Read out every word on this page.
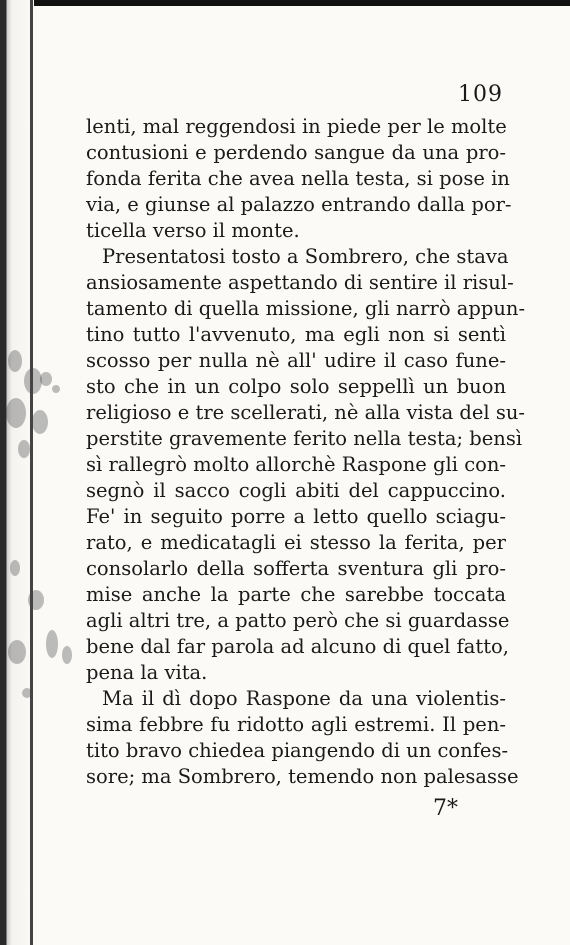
109
lenti, mal reggendosi in piede per le molte
contusioni e perdendo sangue da una pro-
fonda ferita che avea nella testa, si pose in
via, e giunse al palazzo entrando dalla por-
ticella verso il monte.
Presentatosi tosto a Sombrero, che stava
ansiosamente aspettando di sentire il risul-
tamento di quella missione, gli narrò appun-
tino tutto l'avvenuto, ma egli non si sentì
scosso per nulla nè all' udire il caso fune-
sto che in un colpo solo seppellì un buon
religioso e tre scellerati, nè alla vista del su-
perstite gravemente ferito nella testa; bensì
sì rallegrò molto allorchè Raspone gli con-
segnò il sacco cogli abiti del cappuccino.
Fe' in seguito porre a letto quello sciagu-
rato, e medicatagli ei stesso la ferita, per
consolarlo della sofferta sventura gli pro-
mise anche la parte che sarebbe toccata
agli altri tre, a patto però che si guardasse
bene dal far parola ad alcuno di quel fatto,
pena la vita.
Ma il dì dopo Raspone da una violentis-
sima febbre fu ridotto agli estremi. Il pen-
tito bravo chiedea piangendo di un confes-
sore; ma Sombrero, temendo non palesasse
7*
